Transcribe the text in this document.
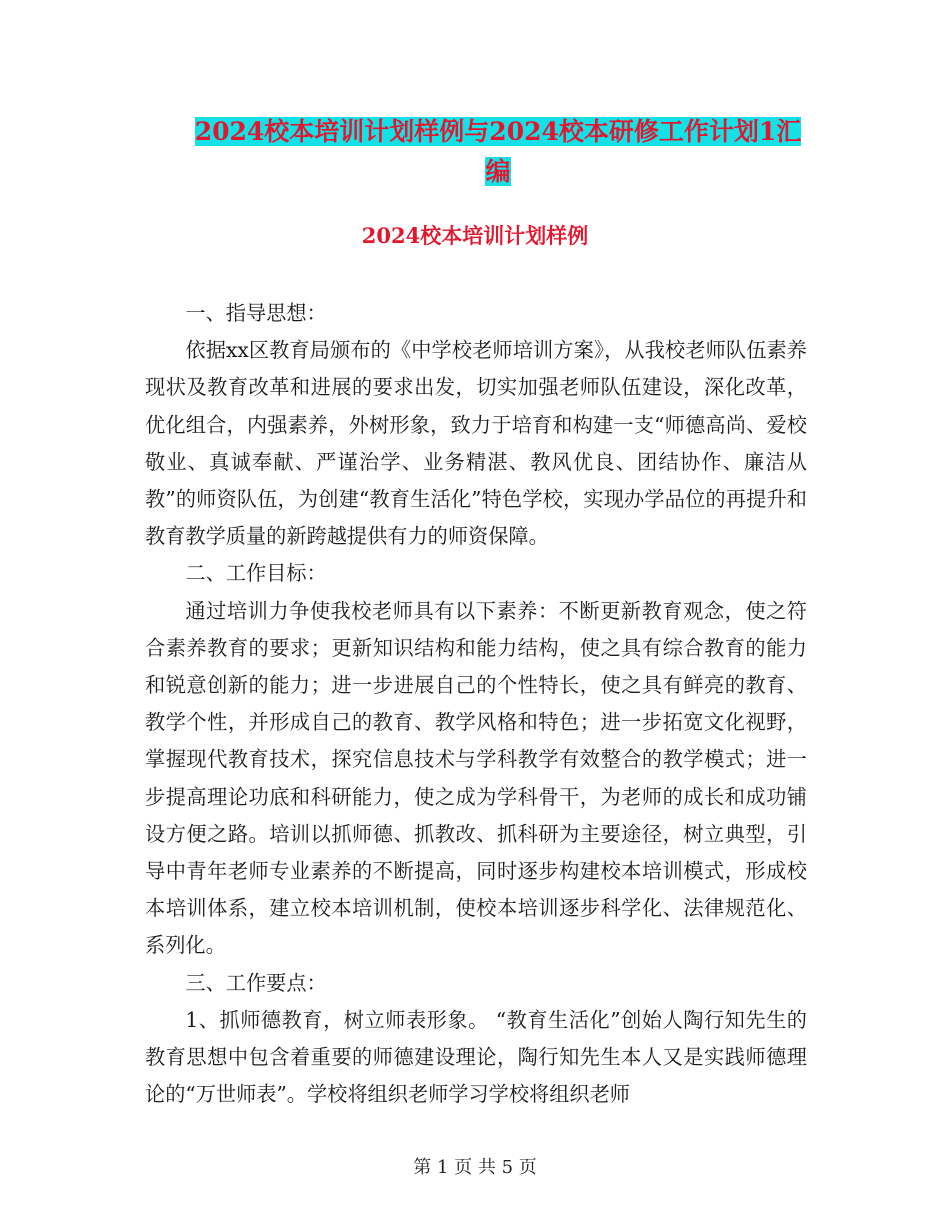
2024校本培训计划样例与2024校本研修工作计划1汇编
2024校本培训计划样例

一、指导思想：

依据xx区教育局颁布的《中学校老师培训方案》，从我校老师队伍素养现状及教育改革和进展的要求出发，切实加强老师队伍建设，深化改革，优化组合，内强素养，外树形象，致力于培育和构建一支“师德高尚、爱校敬业、真诚奉献、严谨治学、业务精湛、教风优良、团结协作、廉洁从教”的师资队伍，为创建“教育生活化”特色学校，实现办学品位的再提升和教育教学质量的新跨越提供有力的师资保障。

二、工作目标：

通过培训力争使我校老师具有以下素养：不断更新教育观念，使之符合素养教育的要求；更新知识结构和能力结构，使之具有综合教育的能力和锐意创新的能力；进一步进展自己的个性特长，使之具有鲜亮的教育、教学个性，并形成自己的教育、教学风格和特色；进一步拓宽文化视野，掌握现代教育技术，探究信息技术与学科教学有效整合的教学模式；进一步提高理论功底和科研能力，使之成为学科骨干，为老师的成长和成功铺设方便之路。培训以抓师德、抓教改、抓科研为主要途径，树立典型，引导中青年老师专业素养的不断提高，同时逐步构建校本培训模式，形成校本培训体系，建立校本培训机制，使校本培训逐步科学化、法律规范化、系列化。

三、工作要点：

1、抓师德教育，树立师表形象。 “教育生活化”创始人陶行知先生的教育思想中包含着重要的师德建设理论，陶行知先生本人又是实践师德理论的“万世师表”。学校将组织老师学习学校将组织老师

第 1 页 共 5 页
